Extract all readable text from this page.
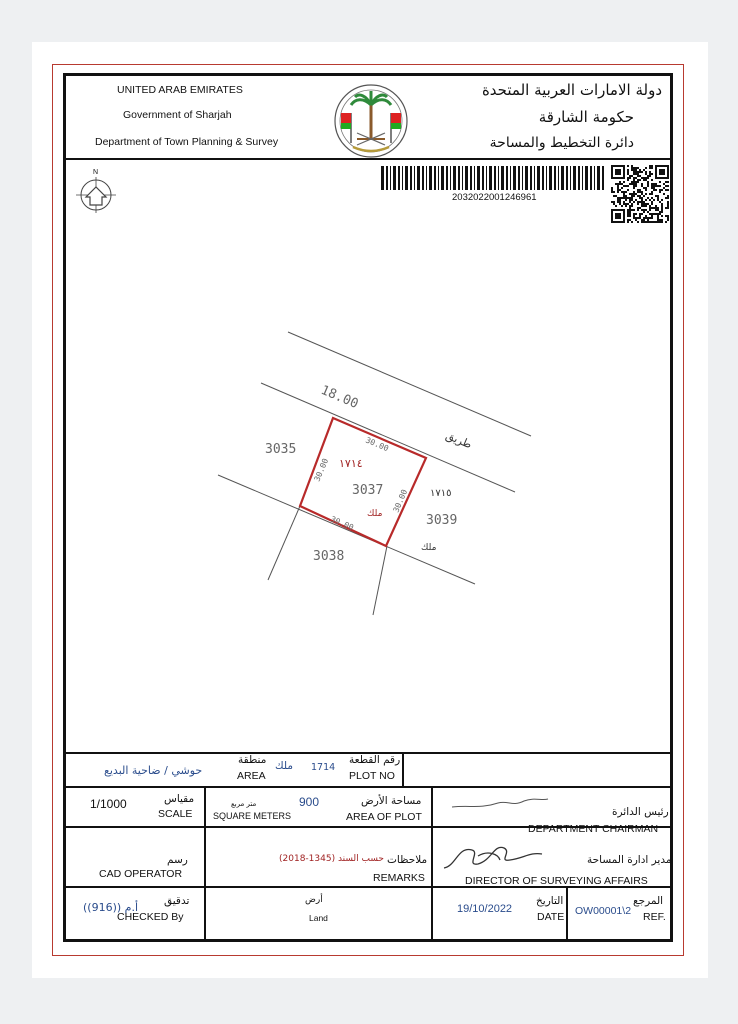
UNITED ARAB EMIRATES
Government of Sharjah
Department of Town Planning & Survey
دولة الامارات العربية المتحدة
حكومة الشارقة
دائرة التخطيط والمساحة
2032022001246961
N
18.00
طريق
3035
3039
3038
3037
١٧١٤
ملك
١٧١٥
ملك
30.00
30.00
30.00
30.00
حوشي / ضاحية البديع
منطقة
AREA
ملك 1714
رقم القطعة
PLOT NO
1/1000	مقياس
SCALE
900
متر مربع
SQUARE METERS
مساحة الأرض
AREA OF PLOT	رئيس الدائرة
DEPARTMENT CHAIRMAN
رسم
CAD OPERATOR
حسب السند (1345-2018) ملاحظات
REMARKS
مدير ادارة المساحة
DIRECTOR OF SURVEYING AFFAIRS
أ.م ((916)) تدقيق
CHECKED By
أرض
Land
19/10/2022
التاريخ
DATE OW00001\2
المرجع
REF.
